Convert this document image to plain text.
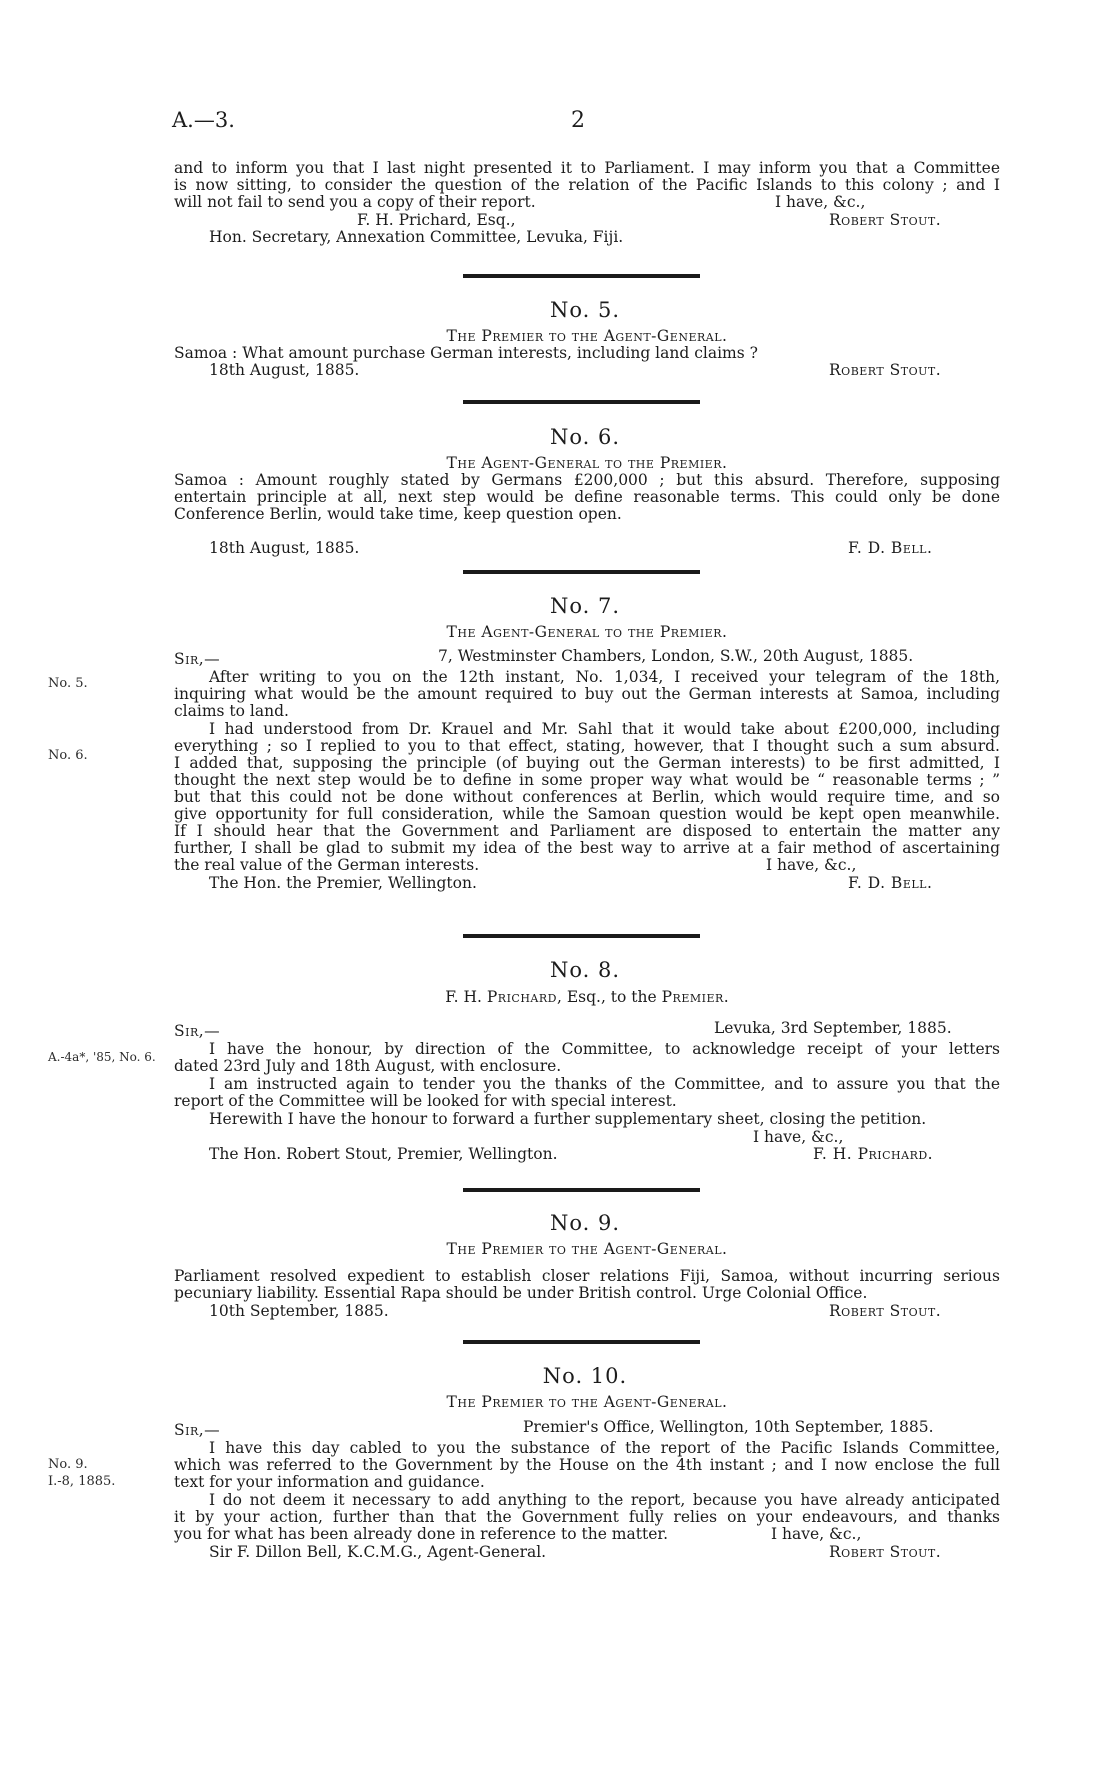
A.—3.	2
and to inform you that I last night presented it to Parliament. I may inform you that a Committee
is now sitting, to consider the question of the relation of the Pacific Islands to this colony ; and I
will not fail to send you a copy of their report.	I have, &c.,
F. H. Prichard, Esq.,	Robert Stout.
Hon. Secretary, Annexation Committee, Levuka, Fiji.
No. 5.
The Premier to the Agent-General.
Samoa : What amount purchase German interests, including land claims ?
18th August, 1885.	Robert Stout.
No. 6.
The Agent-General to the Premier.
Samoa : Amount roughly stated by Germans £200,000 ; but this absurd. Therefore, supposing
entertain principle at all, next step would be define reasonable terms. This could only be done
Conference Berlin, would take time, keep question open.
18th August, 1885.	F. D. Bell.
No. 7.
The Agent-General to the Premier.
Sir,—	7, Westminster Chambers, London, S.W., 20th August, 1885.
No. 5.
No. 6.
After writing to you on the 12th instant, No. 1,034, I received your telegram of the 18th,
inquiring what would be the amount required to buy out the German interests at Samoa, including
claims to land.
I had understood from Dr. Krauel and Mr. Sahl that it would take about £200,000, including
everything ; so I replied to you to that effect, stating, however, that I thought such a sum absurd.
I added that, supposing the principle (of buying out the German interests) to be first admitted, I
thought the next step would be to define in some proper way what would be “ reasonable terms ; ”
but that this could not be done without conferences at Berlin, which would require time, and so
give opportunity for full consideration, while the Samoan question would be kept open meanwhile.
If I should hear that the Government and Parliament are disposed to entertain the matter any
further, I shall be glad to submit my idea of the best way to arrive at a fair method of ascertaining
the real value of the German interests.	I have, &c.,
The Hon. the Premier, Wellington.	F. D. Bell.
No. 8.
F. H. Prichard, Esq., to the Premier.
Sir,—	Levuka, 3rd September, 1885.
A.-4a*, '85, No. 6.	I have the honour, by direction of the Committee, to acknowledge receipt of your letters
dated 23rd July and 18th August, with enclosure.
I am instructed again to tender you the thanks of the Committee, and to assure you that the
report of the Committee will be looked for with special interest.
Herewith I have the honour to forward a further supplementary sheet, closing the petition.
I have, &c.,
The Hon. Robert Stout, Premier, Wellington.	F. H. Prichard.
No. 9.
The Premier to the Agent-General.
Parliament resolved expedient to establish closer relations Fiji, Samoa, without incurring serious
pecuniary liability. Essential Rapa should be under British control. Urge Colonial Office.
10th September, 1885.	Robert Stout.
No. 10.
The Premier to the Agent-General.
Sir,—	Premier's Office, Wellington, 10th September, 1885.
No. 9.
I.-8, 1885.
I have this day cabled to you the substance of the report of the Pacific Islands Committee,
which was referred to the Government by the House on the 4th instant ; and I now enclose the full
text for your information and guidance.
I do not deem it necessary to add anything to the report, because you have already anticipated
it by your action, further than that the Government fully relies on your endeavours, and thanks
you for what has been already done in reference to the matter.	I have, &c.,
Sir F. Dillon Bell, K.C.M.G., Agent-General.	Robert Stout.
